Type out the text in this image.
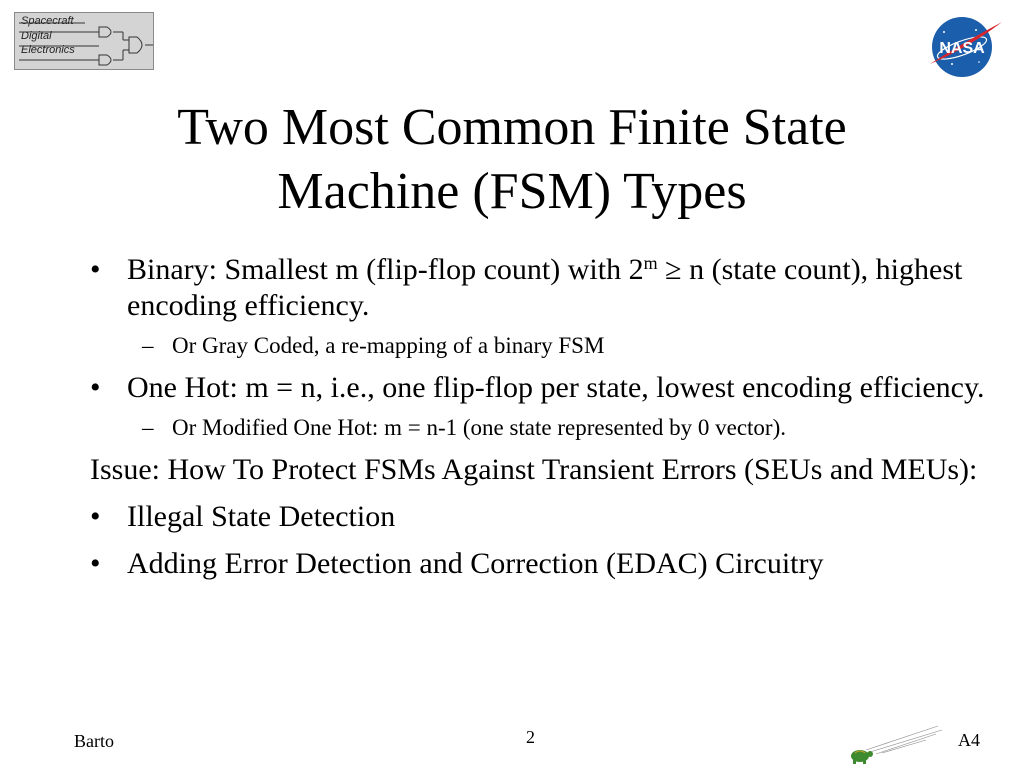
Spacecraft
Digital
Electronics	NASA
Two Most Common Finite State
Machine (FSM) Types
• Binary: Smallest m (flip-flop count) with $2^m \ge n$ (state count), highest encoding efficiency.
– Or Gray Coded, a re-mapping of a binary FSM
• One Hot: m = n, i.e., one flip-flop per state, lowest encoding efficiency.
– Or Modified One Hot: m = n-1 (one state represented by 0 vector).
Issue: How To Protect FSMs Against Transient Errors (SEUs and MEUs):
• Illegal State Detection
• Adding Error Detection and Correction (EDAC) Circuitry
Barto	2	A4
